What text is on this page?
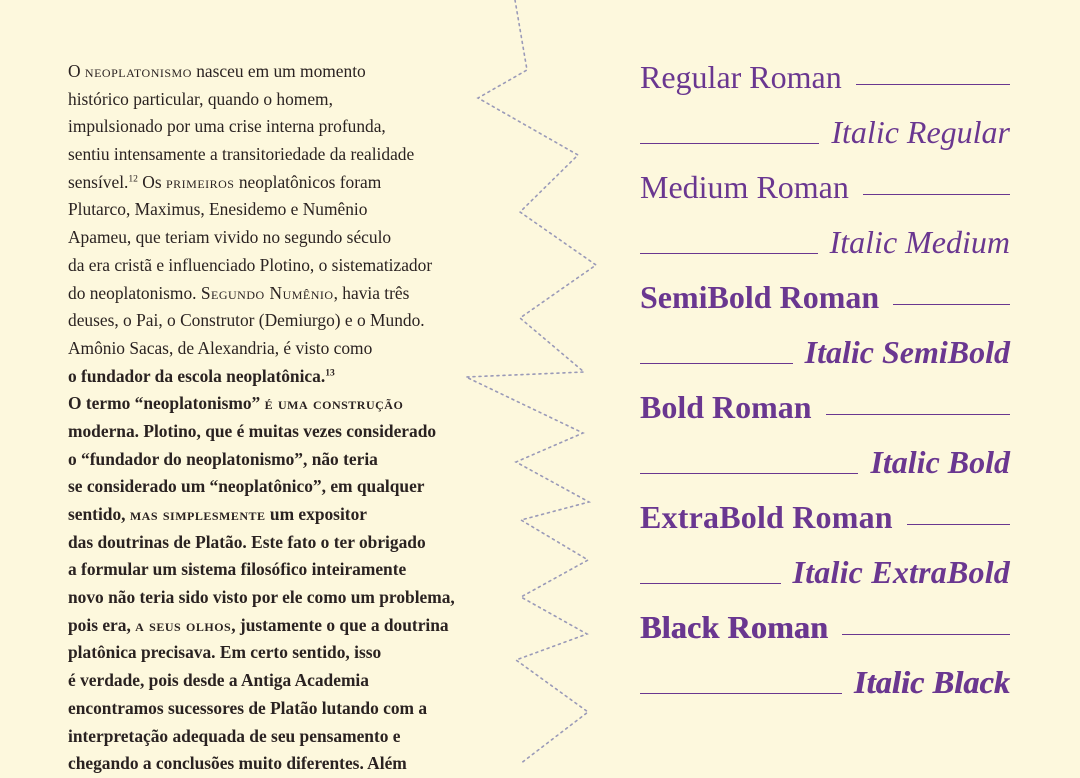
O neoplatonismo nasceu em um momento
histórico particular, quando o homem,
impulsionado por uma crise interna profunda,
sentiu intensamente a transitoriedade da realidade
sensível.$^{12}$ Os primeiros neoplatônicos foram
Plutarco, Maximus, Enesidemo e Numênio
Apameu, que teriam vivido no segundo século
da era cristã e influenciado Plotino, o sistematizador
do neoplatonismo. Segundo Numênio, havia três
deuses, o Pai, o Construtor (Demiurgo) e o Mundo.
Amônio Sacas, de Alexandria, é visto como
o fundador da escola neoplatônica.$^{13}$
O termo “neoplatonismo” é uma construção
moderna. Plotino, que é muitas vezes considerado
o “fundador do neoplatonismo”, não teria
se considerado um “neoplatônico”, em qualquer
sentido, mas simplesmente um expositor
das doutrinas de Platão. Este fato o ter obrigado
a formular um sistema filosófico inteiramente
novo não teria sido visto por ele como um problema,
pois era, a seus olhos, justamente o que a doutrina
platônica precisava. Em certo sentido, isso
é verdade, pois desde a Antiga Academia
encontramos sucessores de Platão lutando com a
interpretação adequada de seu pensamento e
chegando a conclusões muito diferentes. Além
Regular Roman
Italic Regular
Medium Roman
Italic Medium
SemiBold Roman
Italic SemiBold
Bold Roman
Italic Bold
ExtraBold Roman
Italic ExtraBold
Black Roman
Italic Black
